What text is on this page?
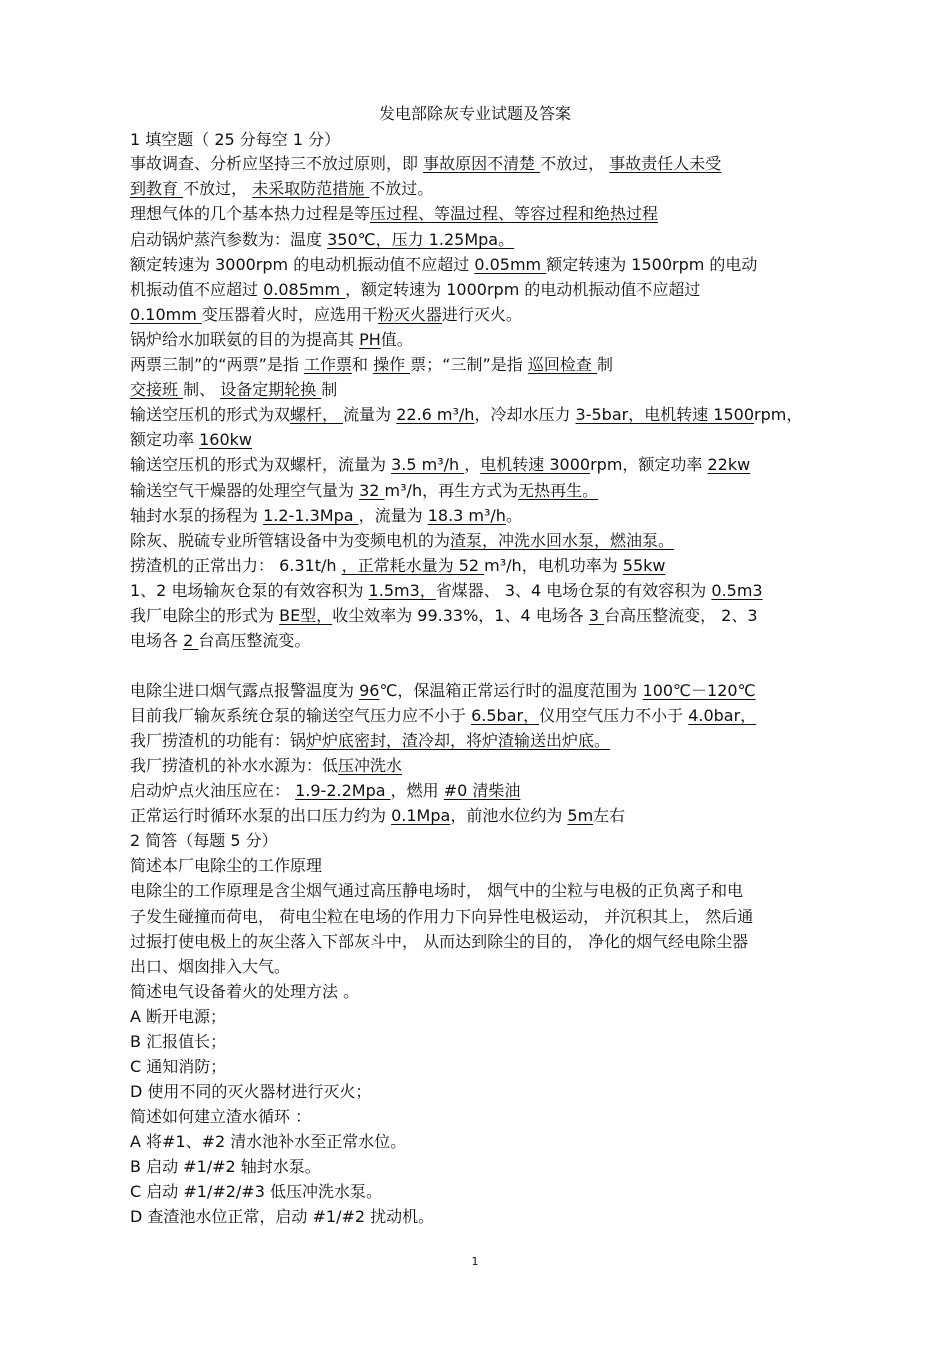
发电部除灰专业试题及答案
1 填空题（ 25 分每空 1 分）
事故调查、分析应坚持三不放过原则，即 事故原因不清楚 不放过， 事故责任人未受
到教育 不放过， 未采取防范措施 不放过。
理想气体的几个基本热力过程是等压过程、等温过程、等容过程和绝热过程
启动锅炉蒸汽参数为：温度 350℃，压力 1.25Mpa。
额定转速为 3000rpm 的电动机振动值不应超过 0.05mm 额定转速为 1500rpm 的电动
机振动值不应超过 0.085mm ，额定转速为 1000rpm 的电动机振动值不应超过
0.10mm 变压器着火时，应选用干粉灭火器进行灭火。
锅炉给水加联氨的目的为提高其 PH值。
两票三制”的“两票”是指 工作票和 操作 票；“三制”是指 巡回检查 制
交接班 制、 设备定期轮换 制
输送空压机的形式为双螺杆， 流量为 22.6 m³/h，冷却水压力 3-5bar，电机转速 1500rpm，
额定功率 160kw
输送空压机的形式为双螺杆，流量为 3.5 m³/h ，电机转速 3000rpm，额定功率 22kw
输送空气干燥器的处理空气量为 32 m³/h，再生方式为无热再生。
轴封水泵的扬程为 1.2-1.3Mpa ，流量为 18.3 m³/h。
除灰、脱硫专业所管辖设备中为变频电机的为渣泵，冲洗水回水泵，燃油泵。
捞渣机的正常出力： 6.31t/h ，正常耗水量为 52 m³/h，电机功率为 55kw
1、2 电场输灰仓泵的有效容积为 1.5m3，省煤器、 3、4 电场仓泵的有效容积为 0.5m3
我厂电除尘的形式为 BE型，收尘效率为 99.33%，1、4 电场各 3 台高压整流变， 2、3
电场各 2 台高压整流变。
电除尘进口烟气露点报警温度为 96℃，保温箱正常运行时的温度范围为 100℃－120℃
目前我厂输灰系统仓泵的输送空气压力应不小于 6.5bar，仪用空气压力不小于 4.0bar，
我厂捞渣机的功能有：锅炉炉底密封，渣冷却，将炉渣输送出炉底。
我厂捞渣机的补水水源为：低压冲洗水
启动炉点火油压应在： 1.9-2.2Mpa ，燃用 #0 清柴油
正常运行时循环水泵的出口压力约为 0.1Mpa，前池水位约为 5m左右
2 简答（每题 5 分）
简述本厂电除尘的工作原理
电除尘的工作原理是含尘烟气通过高压静电场时， 烟气中的尘粒与电极的正负离子和电
子发生碰撞而荷电， 荷电尘粒在电场的作用力下向异性电极运动， 并沉积其上， 然后通
过振打使电极上的灰尘落入下部灰斗中， 从而达到除尘的目的， 净化的烟气经电除尘器
出口、烟囱排入大气。
简述电气设备着火的处理方法 。
A 断开电源；
B 汇报值长；
C 通知消防；
D 使用不同的灭火器材进行灭火；
简述如何建立渣水循环 ：
A 将#1、#2 清水池补水至正常水位。
B 启动 #1/#2 轴封水泵。
C 启动 #1/#2/#3 低压冲洗水泵。
D 查渣池水位正常，启动 #1/#2 扰动机。
1
